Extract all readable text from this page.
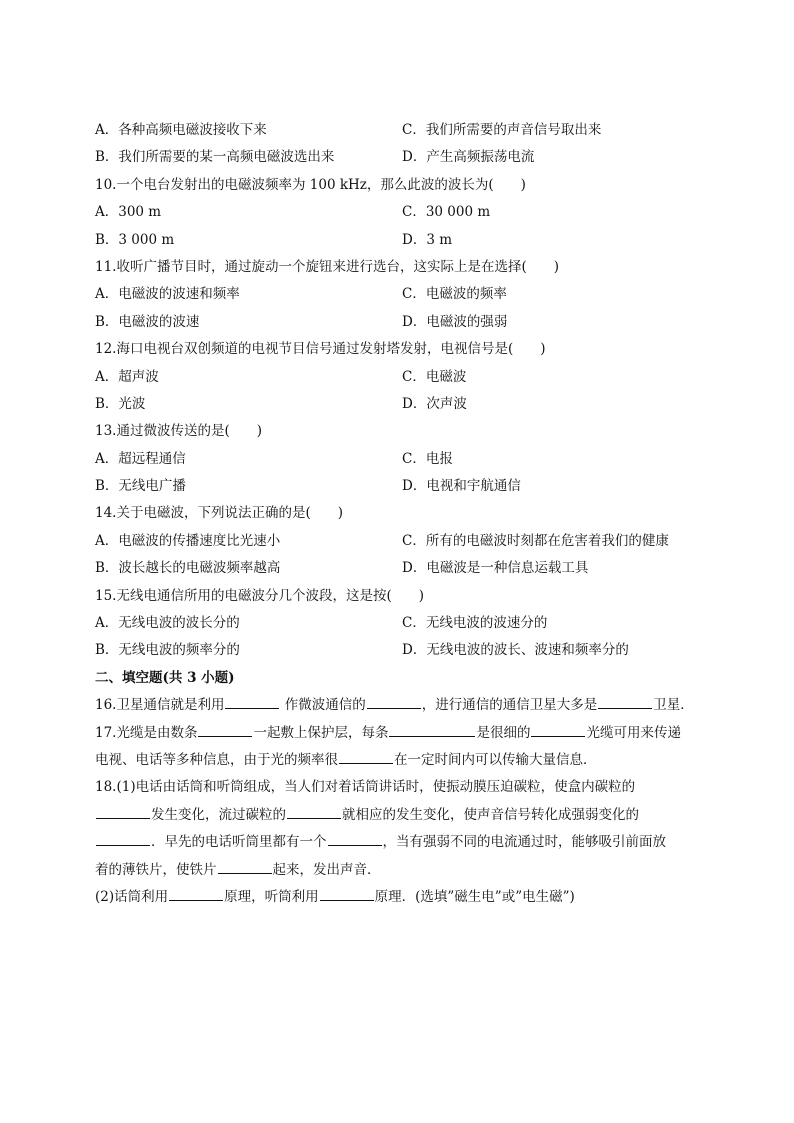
A．各种高频电磁波接收下来	C．我们所需要的声音信号取出来
B．我们所需要的某一高频电磁波选出来	D．产生高频振荡电流
10.一个电台发射出的电磁波频率为 100 kHz，那么此波的波长为(　　)
A．300 m	C．30 000 m
B．3 000 m	D．3 m
11.收听广播节目时，通过旋动一个旋钮来进行选台，这实际上是在选择(　　)
A．电磁波的波速和频率	C．电磁波的频率
B．电磁波的波速	D．电磁波的强弱
12.海口电视台双创频道的电视节目信号通过发射塔发射，电视信号是(　　)
A．超声波	C．电磁波
B．光波	D．次声波
13.通过微波传送的是(　　)
A．超远程通信	C．电报
B．无线电广播	D．电视和宇航通信
14.关于电磁波，下列说法正确的是(　　)
A．电磁波的传播速度比光速小	C．所有的电磁波时刻都在危害着我们的健康
B．波长越长的电磁波频率越高	D．电磁波是一种信息运载工具
15.无线电通信所用的电磁波分几个波段，这是按(　　)
A．无线电波的波长分的	C．无线电波的波速分的
B．无线电波的频率分的	D．无线电波的波长、波速和频率分的
二、填空题(共 3 小题)
16.卫星通信就是利用	作微波通信的	，进行通信的通信卫星大多是	卫星．
17.光缆是由数条	一起敷上保护层，每条	是很细的	光缆可用来传递
电视、电话等多种信息，由于光的频率很	在一定时间内可以传输大量信息．
18.(1)电话由话筒和听筒组成，当人们对着话筒讲话时，使振动膜压迫碳粒，使盒内碳粒的
发生变化，流过碳粒的	就相应的发生变化，使声音信号转化成强弱变化的
．早先的电话听筒里都有一个	，当有强弱不同的电流通过时，能够吸引前面放
着的薄铁片，使铁片	起来，发出声音．
(2)话筒利用	原理，听筒利用	原理．(选填”磁生电”或”电生磁”)
